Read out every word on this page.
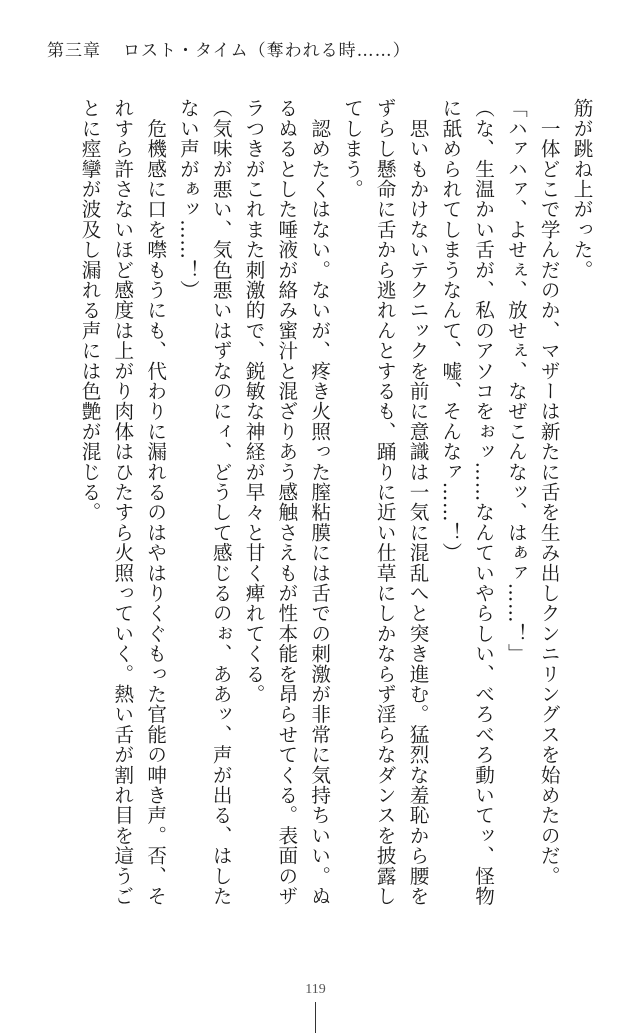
第三章 ロスト・タイム（奪われる時……）

筋が跳ね上がった。

　一体どこで学んだのか、マザーは新たに舌を生み出しクンニリングスを始めたのだ。

「ハァハァ、よせぇ、放せぇ、なぜこんなッ、はぁァ……！」

（な、生温かい舌が、私のアソコをぉッ……なんていやらしい、べろべろ動いてッ、怪物

に舐められてしまうなんて、嘘、そんなァ……！）

　思いもかけないテクニックを前に意識は一気に混乱へと突き進む。猛烈な羞恥から腰を

ずらし懸命に舌から逃れんとするも、踊りに近い仕草にしかならず淫らなダンスを披露し

てしまう。

　認めたくはない。ないが、疼き火照った膣粘膜には舌での刺激が非常に気持ちいい。ぬ

るぬるとした唾液が絡み蜜汁と混ざりあう感触さえもが性本能を昂らせてくる。表面のザ

ラつきがこれまた刺激的で、鋭敏な神経が早々と甘く痺れてくる。

（気味が悪い、気色悪いはずなのにィ、どうして感じるのぉ、ああッ、声が出る、はした

ない声がぁッ……！）

　危機感に口を噤もうにも、代わりに漏れるのはやはりくぐもった官能の呻き声。否、そ

れすら許さないほど感度は上がり肉体はひたすら火照っていく。熱い舌が割れ目を這うご

とに痙攣が波及し漏れる声には色艶が混じる。

119
